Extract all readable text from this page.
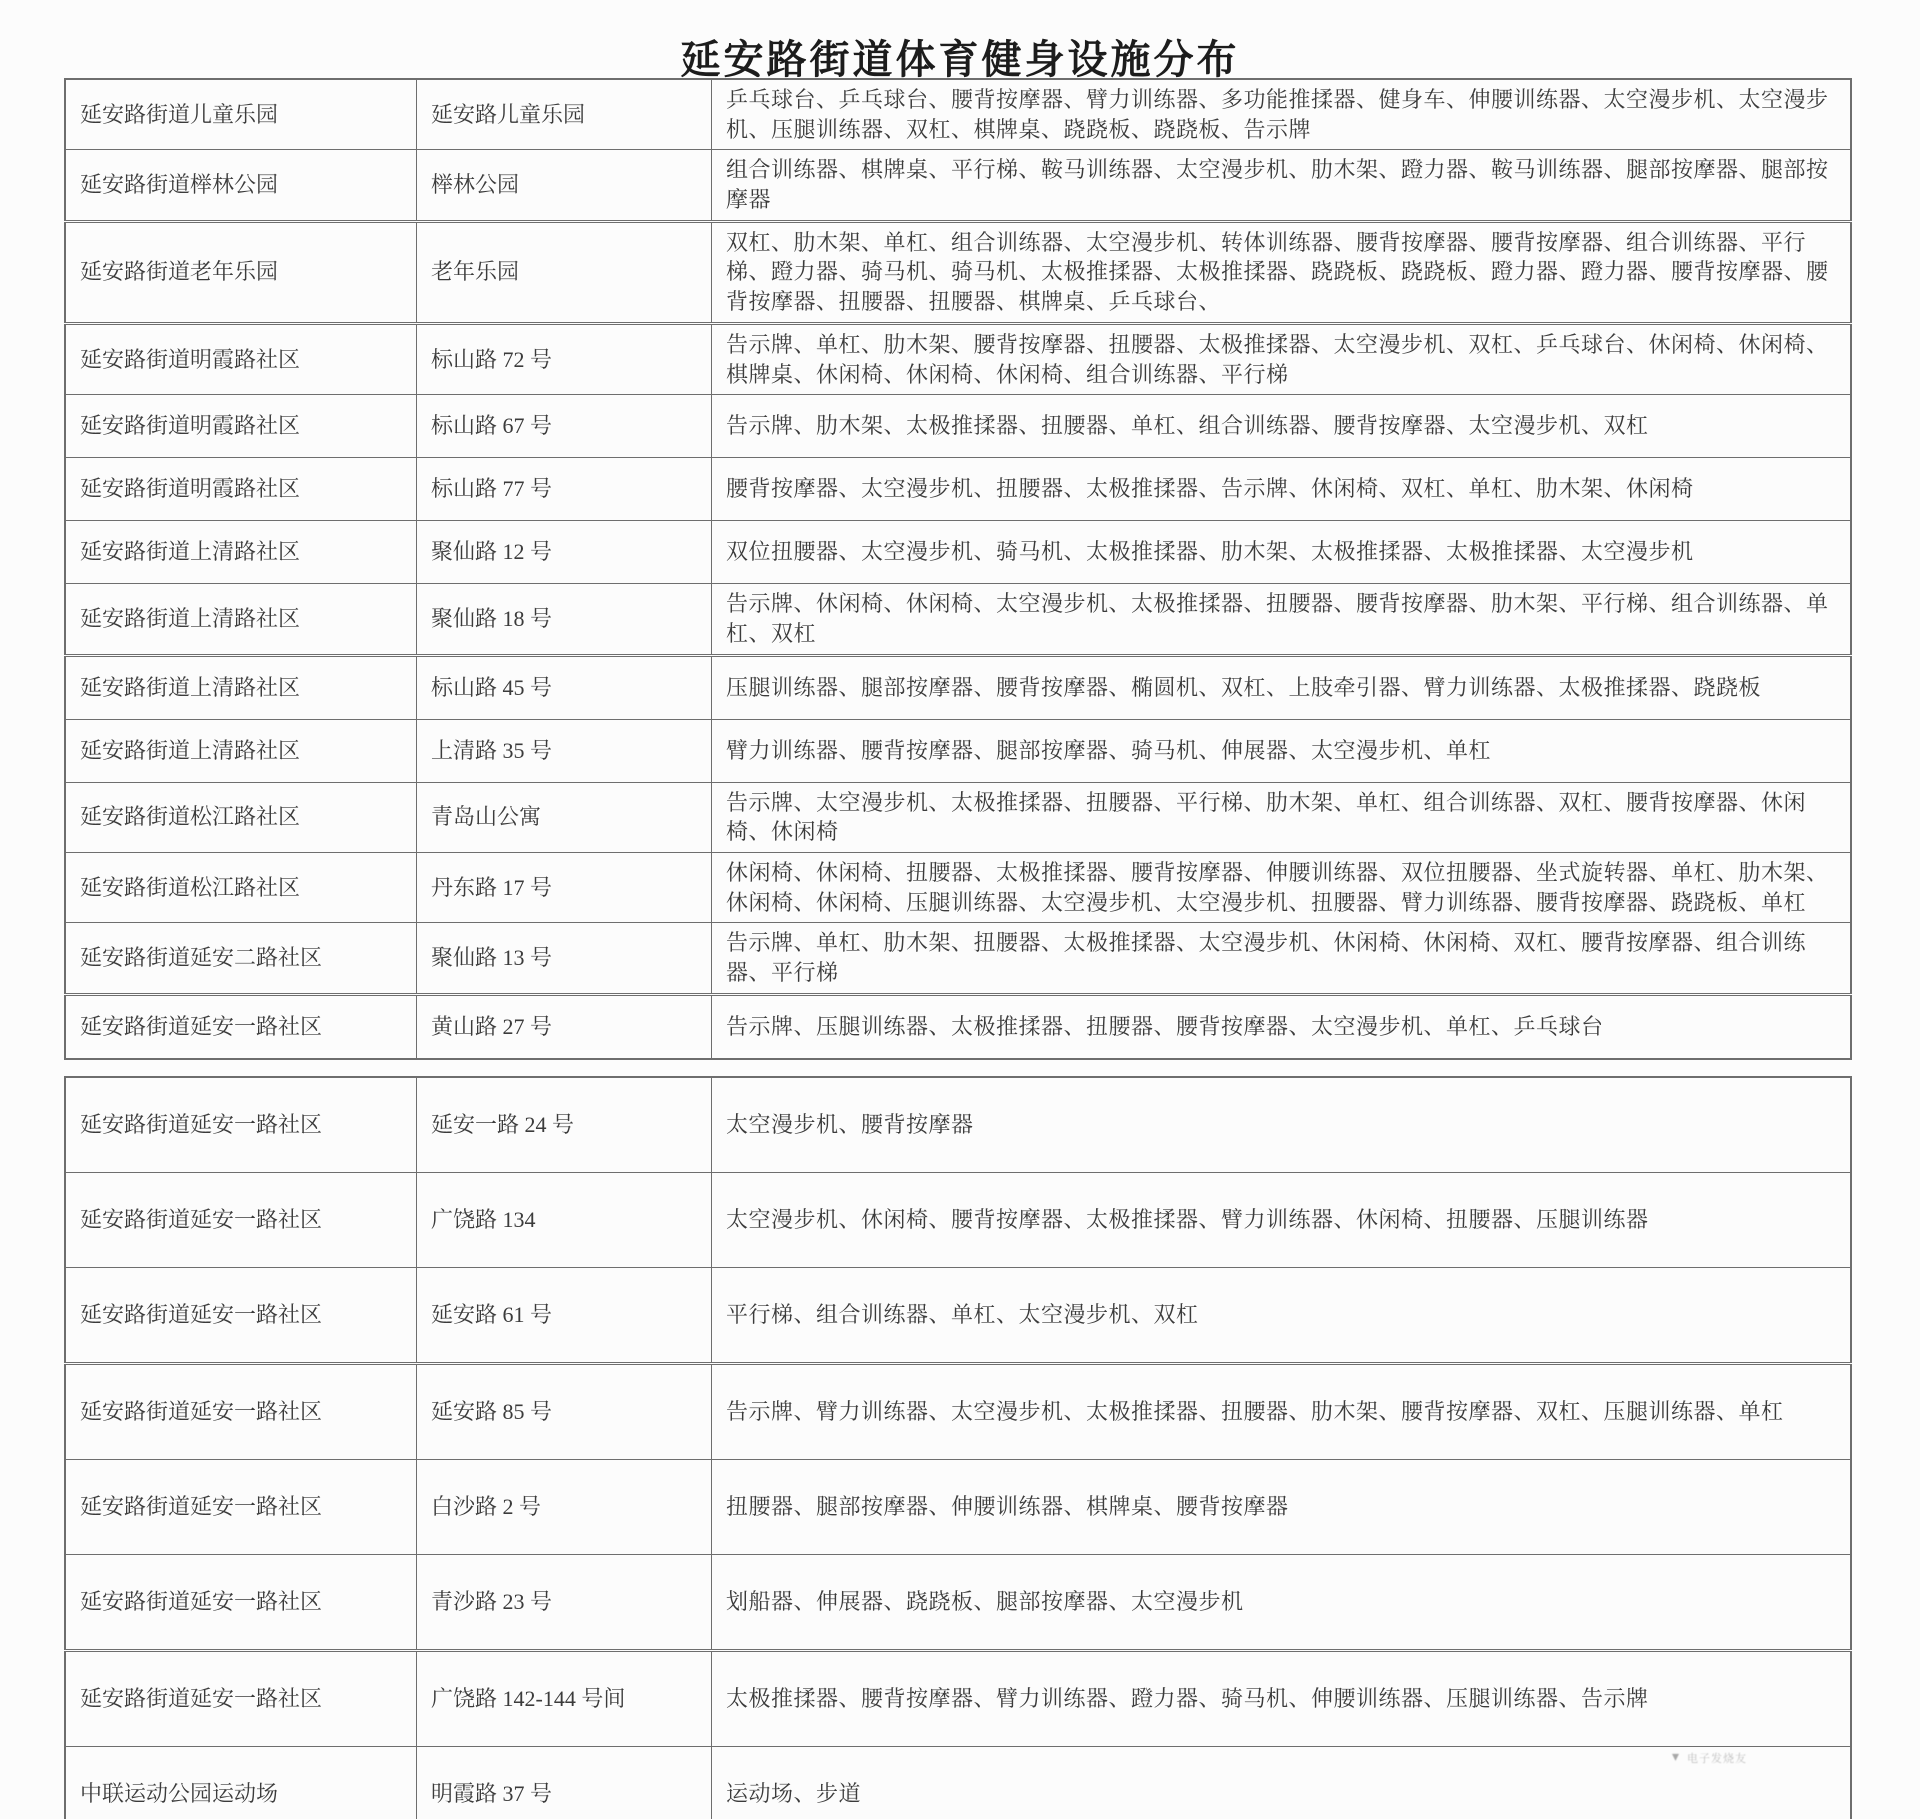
延安路街道体育健身设施分布
延安路街道儿童乐园	延安路儿童乐园	乒乓球台、乒乓球台、腰背按摩器、臂力训练器、多功能推揉器、健身车、伸腰训练器、太空漫步机、太空漫步机、压腿训练器、双杠、棋牌桌、跷跷板、跷跷板、告示牌
延安路街道榉林公园	榉林公园	组合训练器、棋牌桌、平行梯、鞍马训练器、太空漫步机、肋木架、蹬力器、鞍马训练器、腿部按摩器、腿部按摩器
延安路街道老年乐园	老年乐园	双杠、肋木架、单杠、组合训练器、太空漫步机、转体训练器、腰背按摩器、腰背按摩器、组合训练器、平行梯、蹬力器、骑马机、骑马机、太极推揉器、太极推揉器、跷跷板、跷跷板、蹬力器、蹬力器、腰背按摩器、腰背按摩器、扭腰器、扭腰器、棋牌桌、乒乓球台、
延安路街道明霞路社区	标山路 72 号	告示牌、单杠、肋木架、腰背按摩器、扭腰器、太极推揉器、太空漫步机、双杠、乒乓球台、休闲椅、休闲椅、棋牌桌、休闲椅、休闲椅、休闲椅、组合训练器、平行梯
延安路街道明霞路社区	标山路 67 号	告示牌、肋木架、太极推揉器、扭腰器、单杠、组合训练器、腰背按摩器、太空漫步机、双杠
延安路街道明霞路社区	标山路 77 号	腰背按摩器、太空漫步机、扭腰器、太极推揉器、告示牌、休闲椅、双杠、单杠、肋木架、休闲椅
延安路街道上清路社区	聚仙路 12 号	双位扭腰器、太空漫步机、骑马机、太极推揉器、肋木架、太极推揉器、太极推揉器、太空漫步机
延安路街道上清路社区	聚仙路 18 号	告示牌、休闲椅、休闲椅、太空漫步机、太极推揉器、扭腰器、腰背按摩器、肋木架、平行梯、组合训练器、单杠、双杠
延安路街道上清路社区	标山路 45 号	压腿训练器、腿部按摩器、腰背按摩器、椭圆机、双杠、上肢牵引器、臂力训练器、太极推揉器、跷跷板
延安路街道上清路社区	上清路 35 号	臂力训练器、腰背按摩器、腿部按摩器、骑马机、伸展器、太空漫步机、单杠
延安路街道松江路社区	青岛山公寓	告示牌、太空漫步机、太极推揉器、扭腰器、平行梯、肋木架、单杠、组合训练器、双杠、腰背按摩器、休闲椅、休闲椅
延安路街道松江路社区	丹东路 17 号	休闲椅、休闲椅、扭腰器、太极推揉器、腰背按摩器、伸腰训练器、双位扭腰器、坐式旋转器、单杠、肋木架、休闲椅、休闲椅、压腿训练器、太空漫步机、太空漫步机、扭腰器、臂力训练器、腰背按摩器、跷跷板、单杠
延安路街道延安二路社区	聚仙路 13 号	告示牌、单杠、肋木架、扭腰器、太极推揉器、太空漫步机、休闲椅、休闲椅、双杠、腰背按摩器、组合训练器、平行梯
延安路街道延安一路社区	黄山路 27 号	告示牌、压腿训练器、太极推揉器、扭腰器、腰背按摩器、太空漫步机、单杠、乒乓球台
延安路街道延安一路社区	延安一路 24 号	太空漫步机、腰背按摩器
延安路街道延安一路社区	广饶路 134	太空漫步机、休闲椅、腰背按摩器、太极推揉器、臂力训练器、休闲椅、扭腰器、压腿训练器
延安路街道延安一路社区	延安路 61 号	平行梯、组合训练器、单杠、太空漫步机、双杠
延安路街道延安一路社区	延安路 85 号	告示牌、臂力训练器、太空漫步机、太极推揉器、扭腰器、肋木架、腰背按摩器、双杠、压腿训练器、单杠
延安路街道延安一路社区	白沙路 2 号	扭腰器、腿部按摩器、伸腰训练器、棋牌桌、腰背按摩器
延安路街道延安一路社区	青沙路 23 号	划船器、伸展器、跷跷板、腿部按摩器、太空漫步机
延安路街道延安一路社区	广饶路 142-144 号间	太极推揉器、腰背按摩器、臂力训练器、蹬力器、骑马机、伸腰训练器、压腿训练器、告示牌
中联运动公园运动场	明霞路 37 号	运动场、步道
▾ 电子发烧友
